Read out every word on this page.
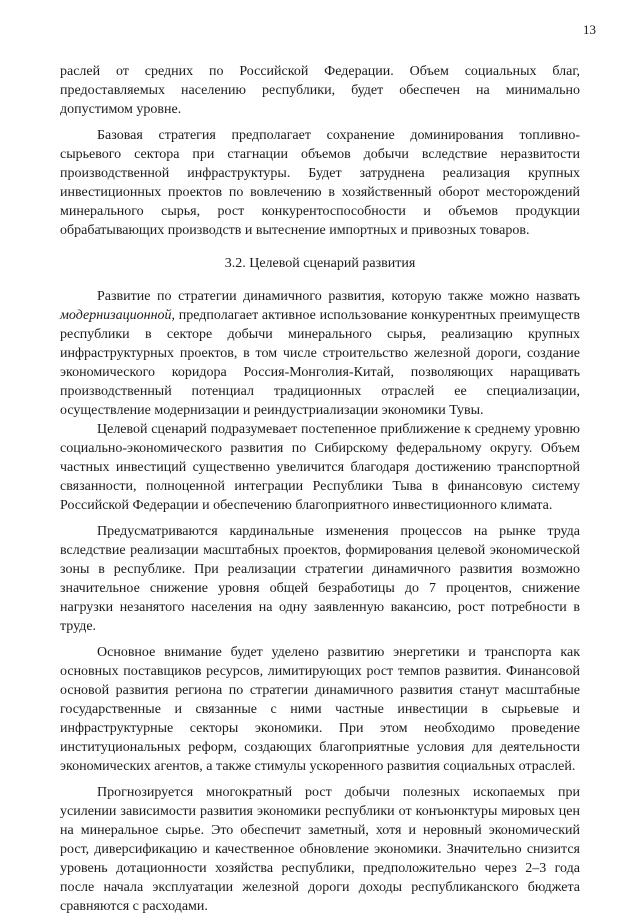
13

раслей от средних по Российской Федерации. Объем социальных благ, предоставляемых населению республики, будет обеспечен на минимально допустимом уровне.

Базовая стратегия предполагает сохранение доминирования топливно-сырьевого сектора при стагнации объемов добычи вследствие неразвитости производственной инфраструктуры. Будет затруднена реализация крупных инвестиционных проектов по вовлечению в хозяйственный оборот месторождений минерального сырья, рост конкурентоспособности и объемов продукции обрабатывающих производств и вытеснение импортных и привозных товаров.

3.2. Целевой сценарий развития

Развитие по стратегии динамичного развития, которую также можно назвать модернизационной, предполагает активное использование конкурентных преимуществ республики в секторе добычи минерального сырья, реализацию крупных инфраструктурных проектов, в том числе строительство железной дороги, создание экономического коридора Россия-Монголия-Китай, позволяющих наращивать производственный потенциал традиционных отраслей ее специализации, осуществление модернизации и реиндустриализации экономики Тувы.

Целевой сценарий подразумевает постепенное приближение к среднему уровню социально-экономического развития по Сибирскому федеральному округу. Объем частных инвестиций существенно увеличится благодаря достижению транспортной связанности, полноценной интеграции Республики Тыва в финансовую систему Российской Федерации и обеспечению благоприятного инвестиционного климата.

Предусматриваются кардинальные изменения процессов на рынке труда вследствие реализации масштабных проектов, формирования целевой экономической зоны в республике. При реализации стратегии динамичного развития возможно значительное снижение уровня общей безработицы до 7 процентов, снижение нагрузки незанятого населения на одну заявленную вакансию, рост потребности в труде.

Основное внимание будет уделено развитию энергетики и транспорта как основных поставщиков ресурсов, лимитирующих рост темпов развития. Финансовой основой развития региона по стратегии динамичного развития станут масштабные государственные и связанные с ними частные инвестиции в сырьевые и инфраструктурные секторы экономики. При этом необходимо проведение институциональных реформ, создающих благоприятные условия для деятельности экономических агентов, а также стимулы ускоренного развития социальных отраслей.

Прогнозируется многократный рост добычи полезных ископаемых при усилении зависимости развития экономики республики от конъюнктуры мировых цен на минеральное сырье. Это обеспечит заметный, хотя и неровный экономический рост, диверсификацию и качественное обновление экономики. Значительно снизится уровень дотационности хозяйства республики, предположительно через 2–3 года после начала эксплуатации железной дороги доходы республиканского бюджета сравняются с расходами.
